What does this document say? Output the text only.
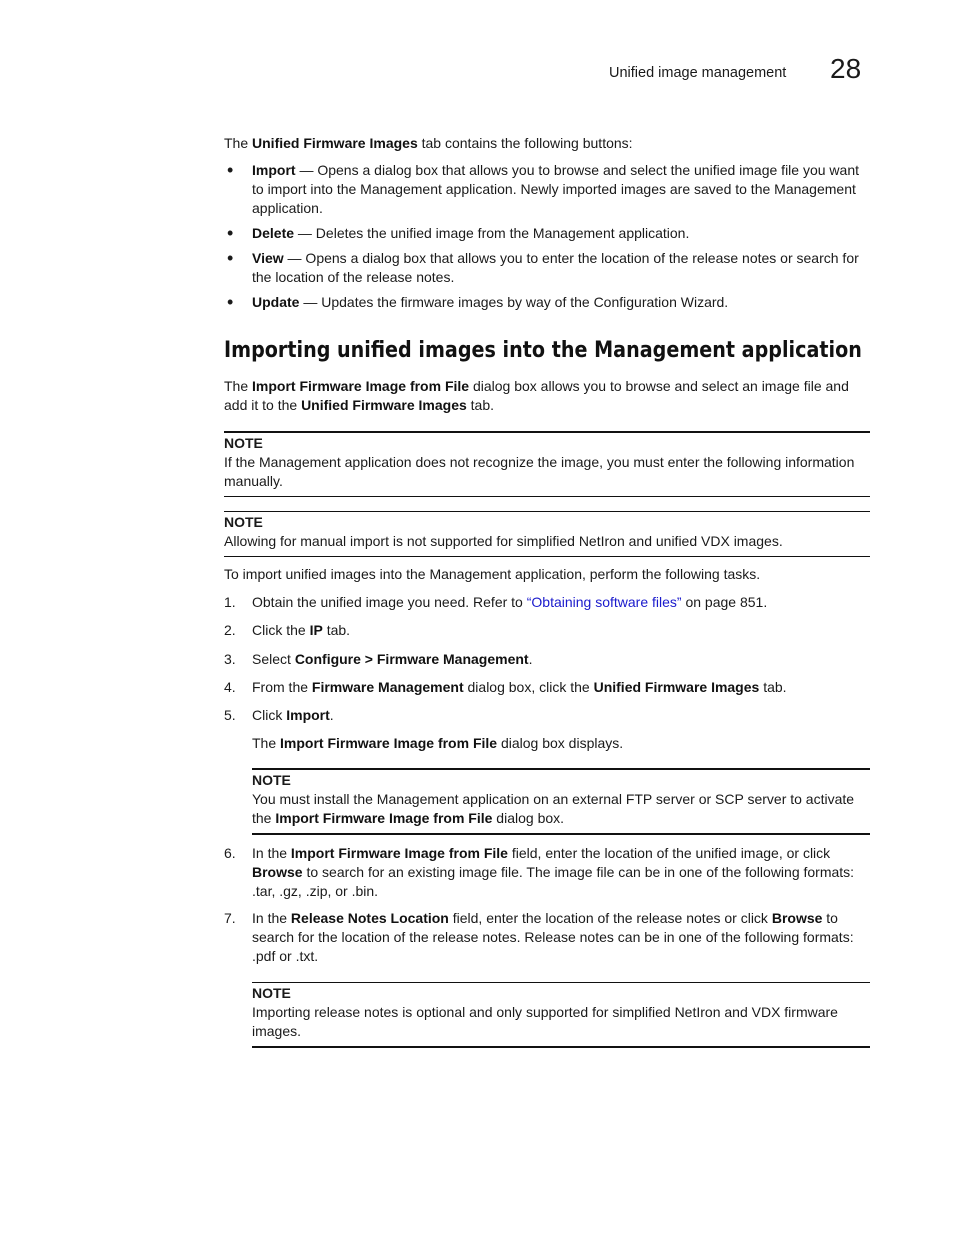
Unified image management 28

The Unified Firmware Images tab contains the following buttons:

• Import — Opens a dialog box that allows you to browse and select the unified image file you want to import into the Management application. Newly imported images are saved to the Management application.
• Delete — Deletes the unified image from the Management application.
• View — Opens a dialog box that allows you to enter the location of the release notes or search for the location of the release notes.
• Update — Updates the firmware images by way of the Configuration Wizard.
Importing unified images into the Management application

The Import Firmware Image from File dialog box allows you to browse and select an image file and add it to the Unified Firmware Images tab.

NOTE
If the Management application does not recognize the image, you must enter the following information manually.
NOTE
Allowing for manual import is not supported for simplified NetIron and unified VDX images.

To import unified images into the Management application, perform the following tasks.

1. Obtain the unified image you need. Refer to “Obtaining software files” on page 851.
2. Click the IP tab.
3. Select Configure > Firmware Management.
4. From the Firmware Management dialog box, click the Unified Firmware Images tab.
5. Click Import.

The Import Firmware Image from File dialog box displays.

NOTE
You must install the Management application on an external FTP server or SCP server to activate the Import Firmware Image from File dialog box.
6. In the Import Firmware Image from File field, enter the location of the unified image, or click Browse to search for an existing image file. The image file can be in one of the following formats: .tar, .gz, .zip, or .bin.
7. In the Release Notes Location field, enter the location of the release notes or click Browse to search for the location of the release notes. Release notes can be in one of the following formats: .pdf or .txt.
NOTE
Importing release notes is optional and only supported for simplified NetIron and VDX firmware images.
